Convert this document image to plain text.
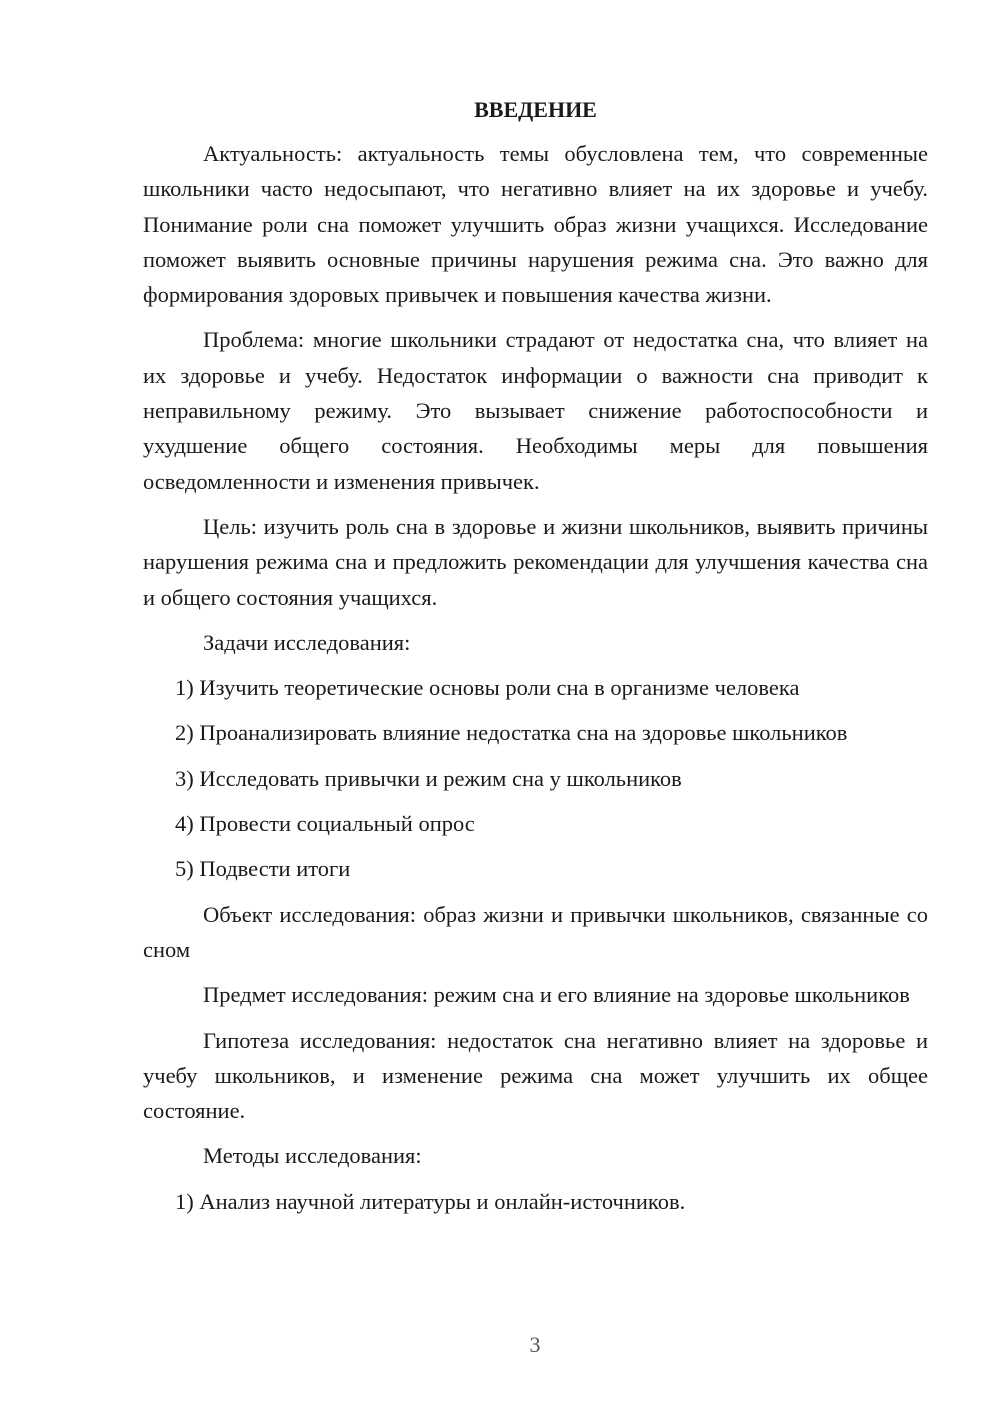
ВВЕДЕНИЕ

Актуальность: актуальность темы обусловлена тем, что современные школьники часто недосыпают, что негативно влияет на их здоровье и учебу. Понимание роли сна поможет улучшить образ жизни учащихся. Исследование поможет выявить основные причины нарушения режима сна. Это важно для формирования здоровых привычек и повышения качества жизни.

Проблема: многие школьники страдают от недостатка сна, что влияет на их здоровье и учебу. Недостаток информации о важности сна приводит к неправильному режиму. Это вызывает снижение работоспособности и ухудшение общего состояния. Необходимы меры для повышения осведомленности и изменения привычек.

Цель: изучить роль сна в здоровье и жизни школьников, выявить причины нарушения режима сна и предложить рекомендации для улучшения качества сна и общего состояния учащихся.

Задачи исследования:

1) Изучить теоретические основы роли сна в организме человека
2) Проанализировать влияние недостатка сна на здоровье школьников
3) Исследовать привычки и режим сна у школьников
4) Провести социальный опрос
5) Подвести итоги

Объект исследования: образ жизни и привычки школьников, связанные со сном

Предмет исследования: режим сна и его влияние на здоровье школьников

Гипотеза исследования: недостаток сна негативно влияет на здоровье и учебу школьников, и изменение режима сна может улучшить их общее состояние.

Методы исследования:

1) Анализ научной литературы и онлайн-источников.
3
